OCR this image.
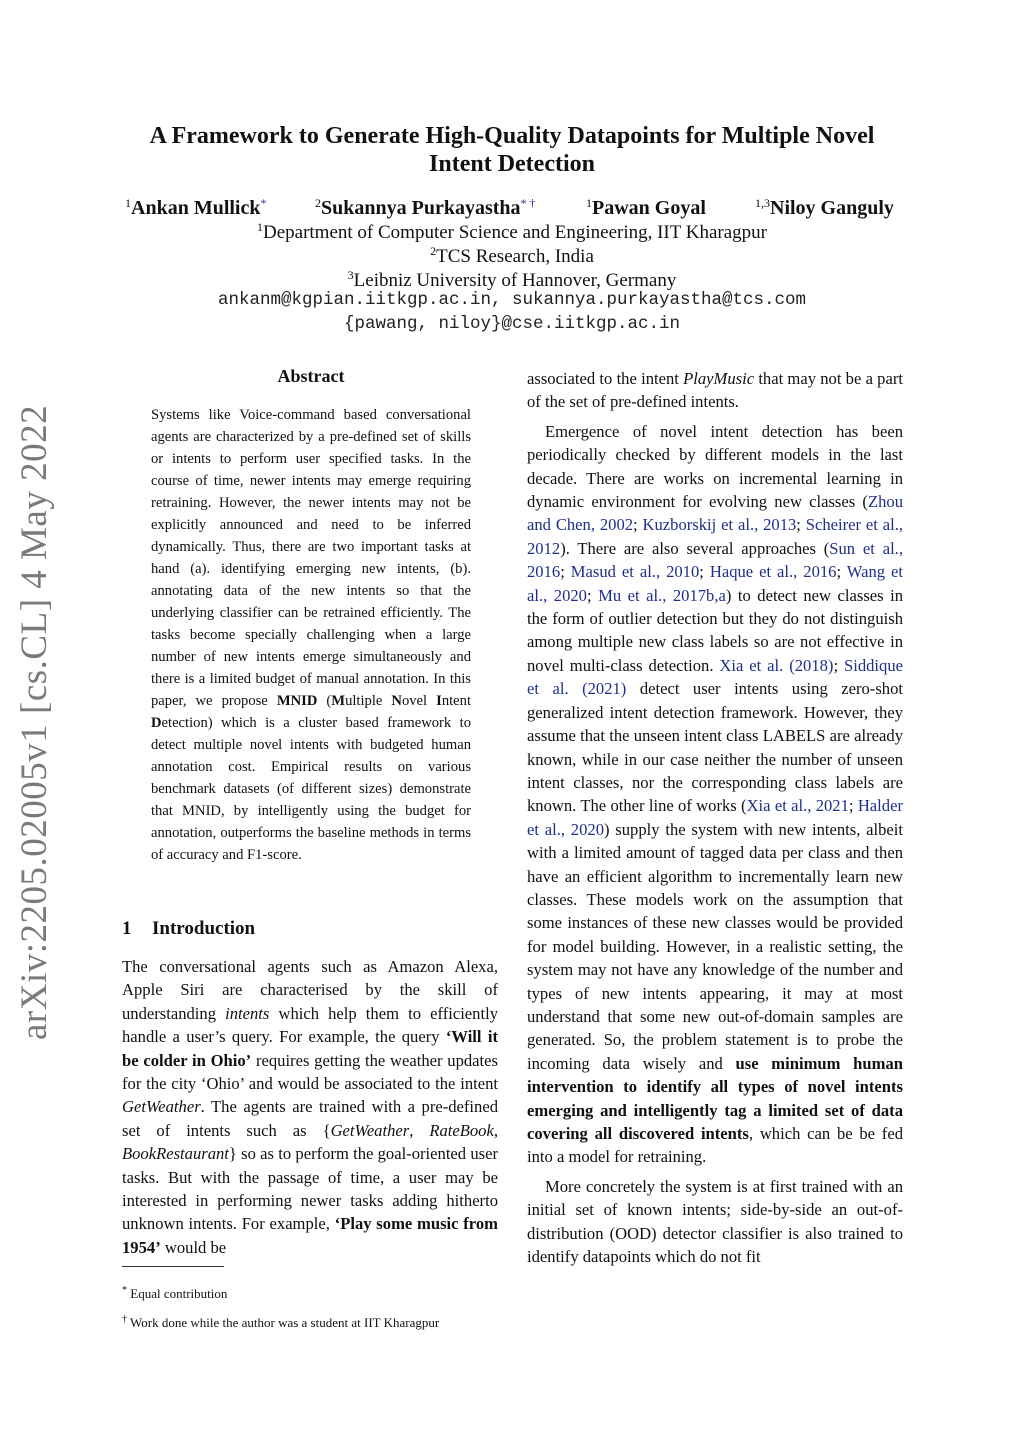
arXiv:2205.02005v1 [cs.CL] 4 May 2022
A Framework to Generate High-Quality Datapoints for Multiple Novel
Intent Detection
$^1$Ankan Mullick*	$^2$Sukannya Purkayastha* †	$^1$Pawan Goyal	$^{1,3}$Niloy Ganguly
$^1$Department of Computer Science and Engineering, IIT Kharagpur
$^2$TCS Research, India
$^3$Leibniz University of Hannover, Germany
ankanm@kgpian.iitkgp.ac.in, sukannya.purkayastha@tcs.com
{pawang, niloy}@cse.iitkgp.ac.in
Abstract
Systems like Voice-command based conversational agents are characterized by a pre-defined set of skills or intents to perform user specified tasks. In the course of time, newer intents may emerge requiring retraining. However, the newer intents may not be explicitly announced and need to be inferred dynamically. Thus, there are two important tasks at hand (a). identifying emerging new intents, (b). annotating data of the new intents so that the underlying classifier can be retrained efficiently. The tasks become specially challenging when a large number of new intents emerge simultaneously and there is a limited budget of manual annotation. In this paper, we propose MNID (Multiple Novel Intent Detection) which is a cluster based framework to detect multiple novel intents with budgeted human annotation cost. Empirical results on various benchmark datasets (of different sizes) demonstrate that MNID, by intelligently using the budget for annotation, outperforms the baseline methods in terms of accuracy and F1-score.
1 Introduction

The conversational agents such as Amazon Alexa, Apple Siri are characterised by the skill of understanding intents which help them to efficiently handle a user’s query. For example, the query ‘Will it be colder in Ohio’ requires getting the weather updates for the city ‘Ohio’ and would be associated to the intent GetWeather. The agents are trained with a pre-defined set of intents such as {GetWeather, RateBook, BookRestaurant} so as to perform the goal-oriented user tasks. But with the passage of time, a user may be interested in performing newer tasks adding hitherto unknown intents. For example, ‘Play some music from 1954’ would be

* Equal contribution
† Work done while the author was a student at IIT Kharagpur

associated to the intent PlayMusic that may not be a part of the set of pre-defined intents.

Emergence of novel intent detection has been periodically checked by different models in the last decade. There are works on incremental learning in dynamic environment for evolving new classes (Zhou and Chen, 2002; Kuzborskij et al., 2013; Scheirer et al., 2012). There are also several approaches (Sun et al., 2016; Masud et al., 2010; Haque et al., 2016; Wang et al., 2020; Mu et al., 2017b,a) to detect new classes in the form of outlier detection but they do not distinguish among multiple new class labels so are not effective in novel multi-class detection. Xia et al. (2018); Siddique et al. (2021) detect user intents using zero-shot generalized intent detection framework. However, they assume that the unseen intent class LABELS are already known, while in our case neither the number of unseen intent classes, nor the corresponding class labels are known. The other line of works (Xia et al., 2021; Halder et al., 2020) supply the system with new intents, albeit with a limited amount of tagged data per class and then have an efficient algorithm to incrementally learn new classes. These models work on the assumption that some instances of these new classes would be provided for model building. However, in a realistic setting, the system may not have any knowledge of the number and types of new intents appearing, it may at most understand that some new out-of-domain samples are generated. So, the problem statement is to probe the incoming data wisely and use minimum human intervention to identify all types of novel intents emerging and intelligently tag a limited set of data covering all discovered intents, which can be be fed into a model for retraining.

More concretely the system is at first trained with an initial set of known intents; side-by-side an out-of-distribution (OOD) detector classifier is also trained to identify datapoints which do not fit
